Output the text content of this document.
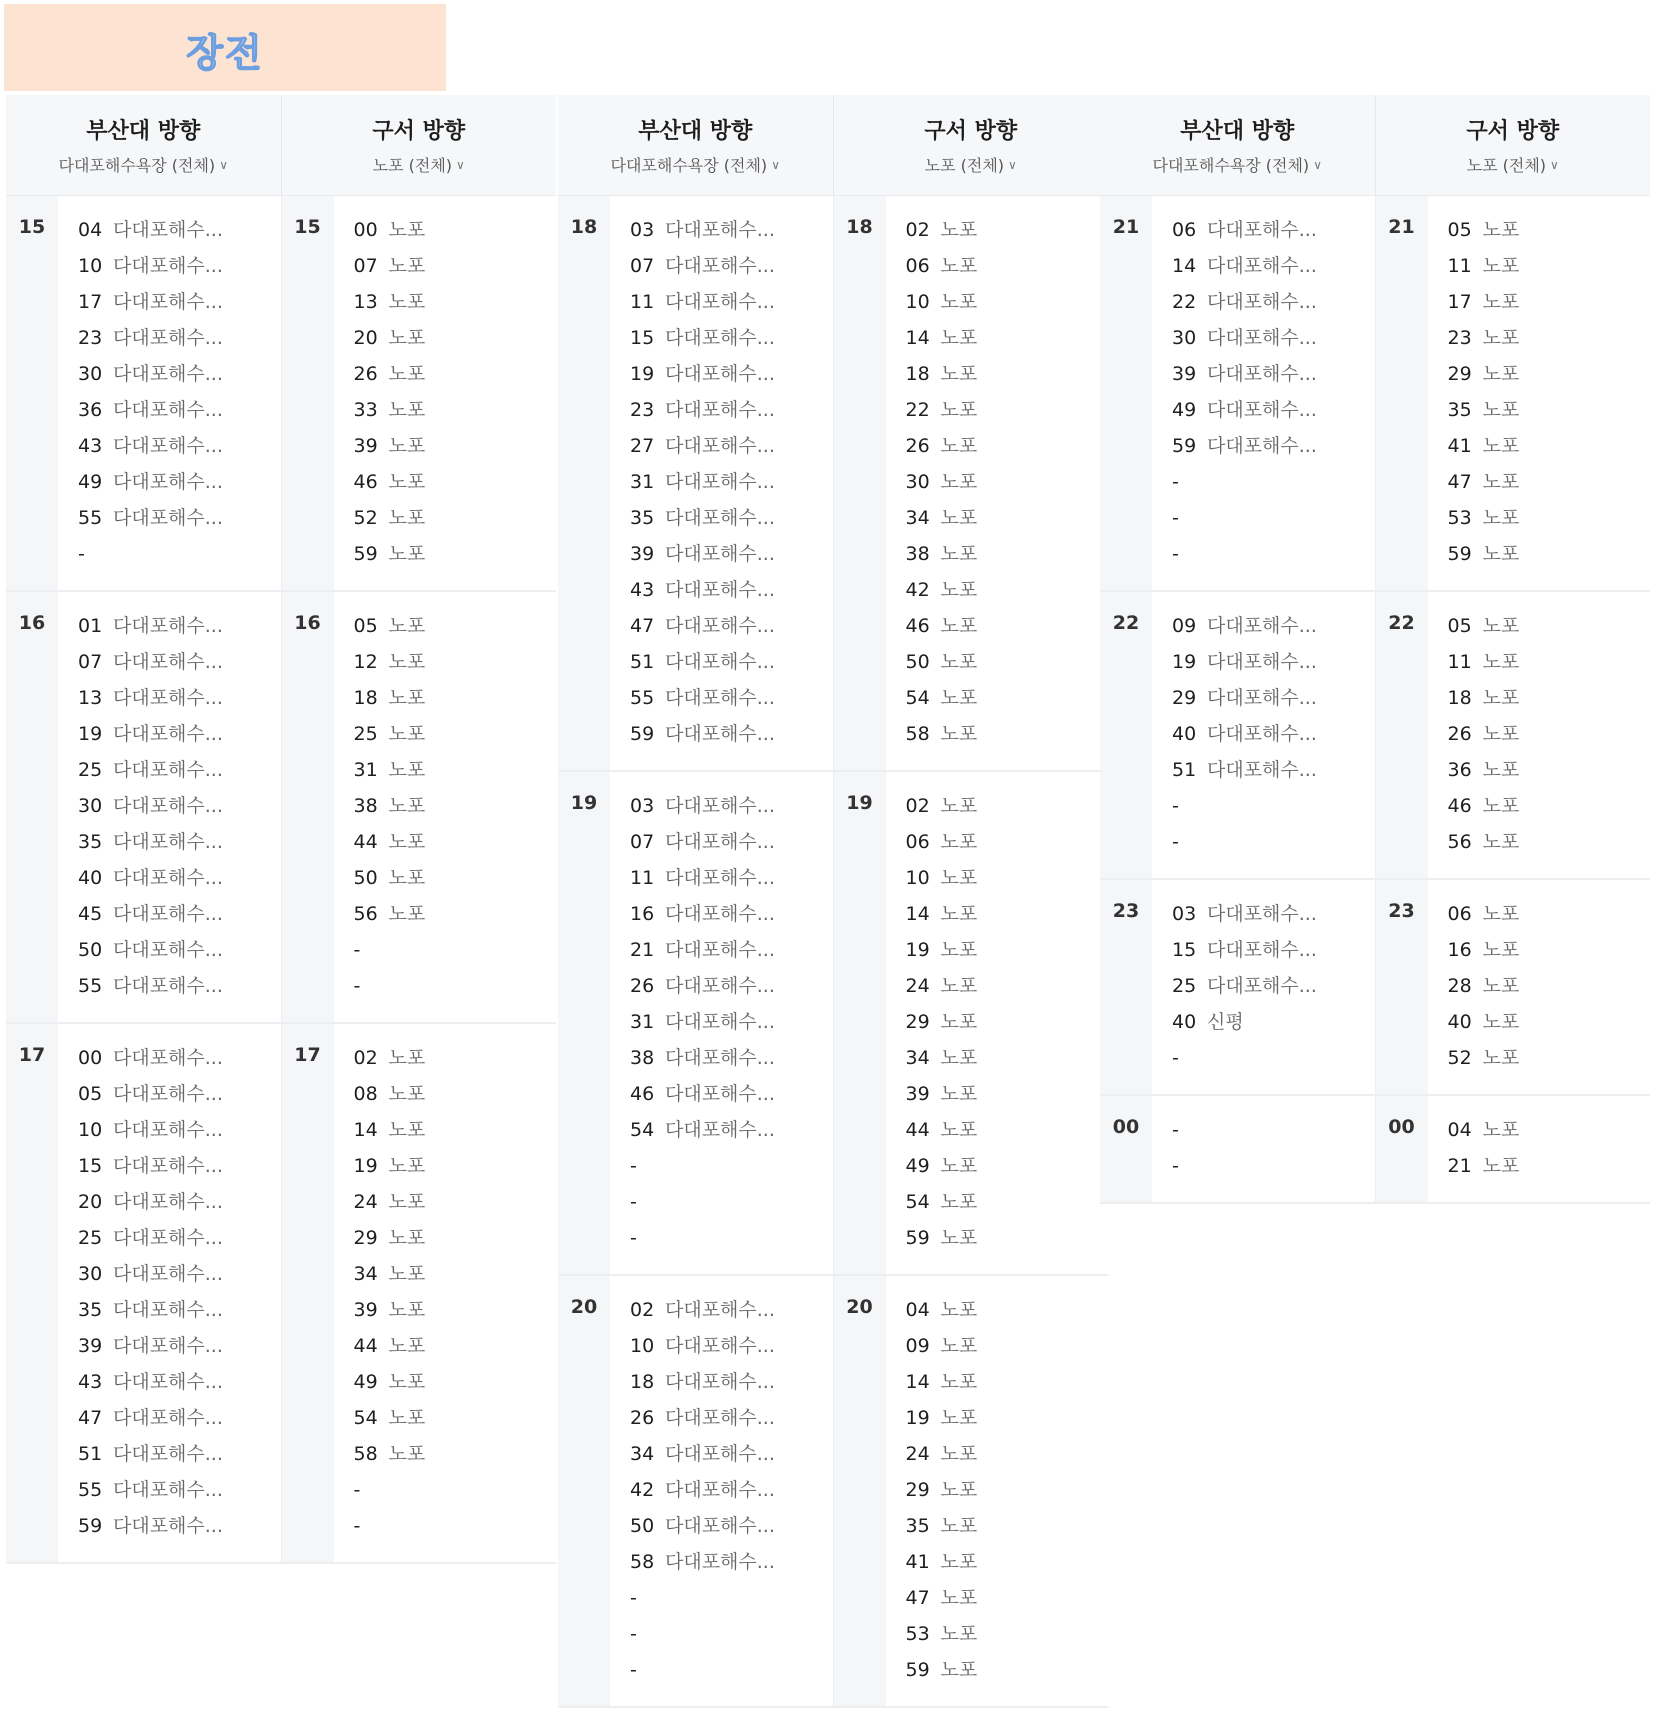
장전
부산대 방향
다대포해수욕장 (전체) ∨
구서 방향
노포 (전체) ∨
15	04 다대포해수...
10 다대포해수...
17 다대포해수...
23 다대포해수...
30 다대포해수...
36 다대포해수...
43 다대포해수...
49 다대포해수...
55 다대포해수...
-
15	00 노포
07 노포
13 노포
20 노포
26 노포
33 노포
39 노포
46 노포
52 노포
59 노포
16	01 다대포해수...
07 다대포해수...
13 다대포해수...
19 다대포해수...
25 다대포해수...
30 다대포해수...
35 다대포해수...
40 다대포해수...
45 다대포해수...
50 다대포해수...
55 다대포해수...
16	05 노포
12 노포
18 노포
25 노포
31 노포
38 노포
44 노포
50 노포
56 노포
-
-
17	00 다대포해수...
05 다대포해수...
10 다대포해수...
15 다대포해수...
20 다대포해수...
25 다대포해수...
30 다대포해수...
35 다대포해수...
39 다대포해수...
43 다대포해수...
47 다대포해수...
51 다대포해수...
55 다대포해수...
59 다대포해수...
17	02 노포
08 노포
14 노포
19 노포
24 노포
29 노포
34 노포
39 노포
44 노포
49 노포
54 노포
58 노포
-
-
부산대 방향
다대포해수욕장 (전체) ∨
구서 방향
노포 (전체) ∨
18	03 다대포해수...
07 다대포해수...
11 다대포해수...
15 다대포해수...
19 다대포해수...
23 다대포해수...
27 다대포해수...
31 다대포해수...
35 다대포해수...
39 다대포해수...
43 다대포해수...
47 다대포해수...
51 다대포해수...
55 다대포해수...
59 다대포해수...
18	02 노포
06 노포
10 노포
14 노포
18 노포
22 노포
26 노포
30 노포
34 노포
38 노포
42 노포
46 노포
50 노포
54 노포
58 노포
19	03 다대포해수...
07 다대포해수...
11 다대포해수...
16 다대포해수...
21 다대포해수...
26 다대포해수...
31 다대포해수...
38 다대포해수...
46 다대포해수...
54 다대포해수...
-
-
-
19	02 노포
06 노포
10 노포
14 노포
19 노포
24 노포
29 노포
34 노포
39 노포
44 노포
49 노포
54 노포
59 노포
20	02 다대포해수...
10 다대포해수...
18 다대포해수...
26 다대포해수...
34 다대포해수...
42 다대포해수...
50 다대포해수...
58 다대포해수...
-
-
-
20	04 노포
09 노포
14 노포
19 노포
24 노포
29 노포
35 노포
41 노포
47 노포
53 노포
59 노포
부산대 방향
다대포해수욕장 (전체) ∨
구서 방향
노포 (전체) ∨
21	06 다대포해수...
14 다대포해수...
22 다대포해수...
30 다대포해수...
39 다대포해수...
49 다대포해수...
59 다대포해수...
-
-
-
21	05 노포
11 노포
17 노포
23 노포
29 노포
35 노포
41 노포
47 노포
53 노포
59 노포
22	09 다대포해수...
19 다대포해수...
29 다대포해수...
40 다대포해수...
51 다대포해수...
-
-
22	05 노포
11 노포
18 노포
26 노포
36 노포
46 노포
56 노포
23	03 다대포해수...
15 다대포해수...
25 다대포해수...
40 신평
-
23	06 노포
16 노포
28 노포
40 노포
52 노포
00	-
-
00	04 노포
21 노포
